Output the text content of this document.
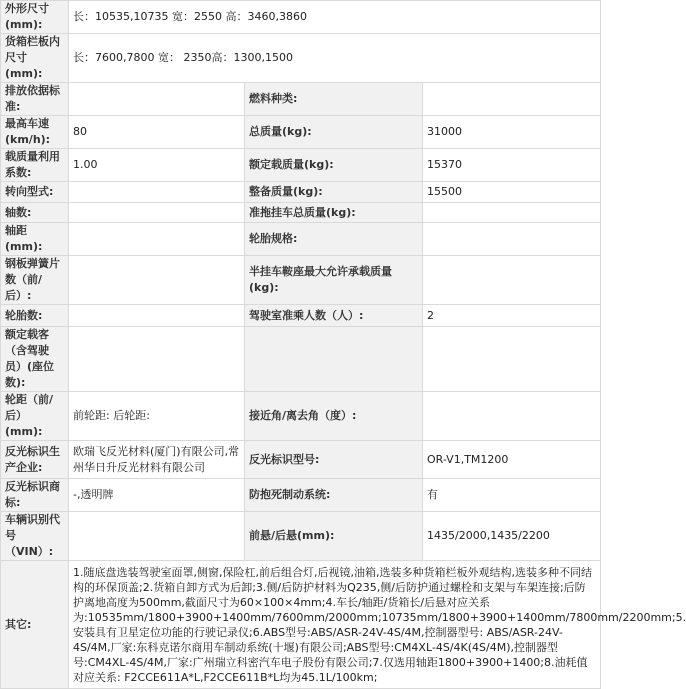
外形尺寸(mm):	长：10535,10735 宽：2550 高：3460,3860		
货箱栏板内尺寸(mm):	长：7600,7800 宽： 2350高：1300,1500		
排放依据标准:		燃料种类:	
最高车速(km/h):	80	总质量(kg):	31000
载质量利用系数:	1.00	额定载质量(kg):	15370
转向型式:		整备质量(kg):	15500
轴数:		准拖挂车总质量(kg):	
轴距(mm):		轮胎规格:	
钢板弹簧片数（前/后）:		半挂车鞍座最大允许承载质量(kg):	
轮胎数:		驾驶室准乘人数（人）:	2
额定载客（含驾驶员）(座位数):			
轮距（前/后）(mm):	前轮距: 后轮距:	接近角/离去角（度）:	
反光标识生产企业:	欧瑞飞反光材料(厦门)有限公司,常州华日升反光材料有限公司	反光标识型号:	OR-V1,TM1200
反光标识商标:	-,透明牌	防抱死制动系统:	有
车辆识别代号（VIN）:		前悬/后悬(mm):	1435/2000,1435/2200
其它:	1.随底盘选装驾驶室面罩,侧窗,保险杠,前后组合灯,后视镜,油箱,选装多种货箱栏板外观结构,选装多种不同结构的环保顶盖;2.货箱自卸方式为后卸;3.侧/后防护材料为Q235,侧/后防护通过螺栓和支架与车架连接;后防护离地高度为500mm,截面尺寸为60×100×4mm;4.车长/轴距/货箱长/后悬对应关系为:10535mm/1800+3900+1400mm/7600mm/2000mm;10735mm/1800+3900+1400mm/7800mm/2200mm;5.安装具有卫星定位功能的行驶记录仪;6.ABS型号:ABS/ASR-24V-4S/4M,控制器型号: ABS/ASR-24V-4S/4M,厂家:东科克诺尔商用车制动系统(十堰)有限公司;ABS型号:CM4XL-4S/4K(4S/4M),控制器型号:CM4XL-4S/4M,厂家:广州瑞立科密汽车电子股份有限公司;7.仅选用轴距1800+3900+1400;8.油耗值对应关系: F2CCE611A*L,F2CCE611B*L均为45.1L/100km;		
